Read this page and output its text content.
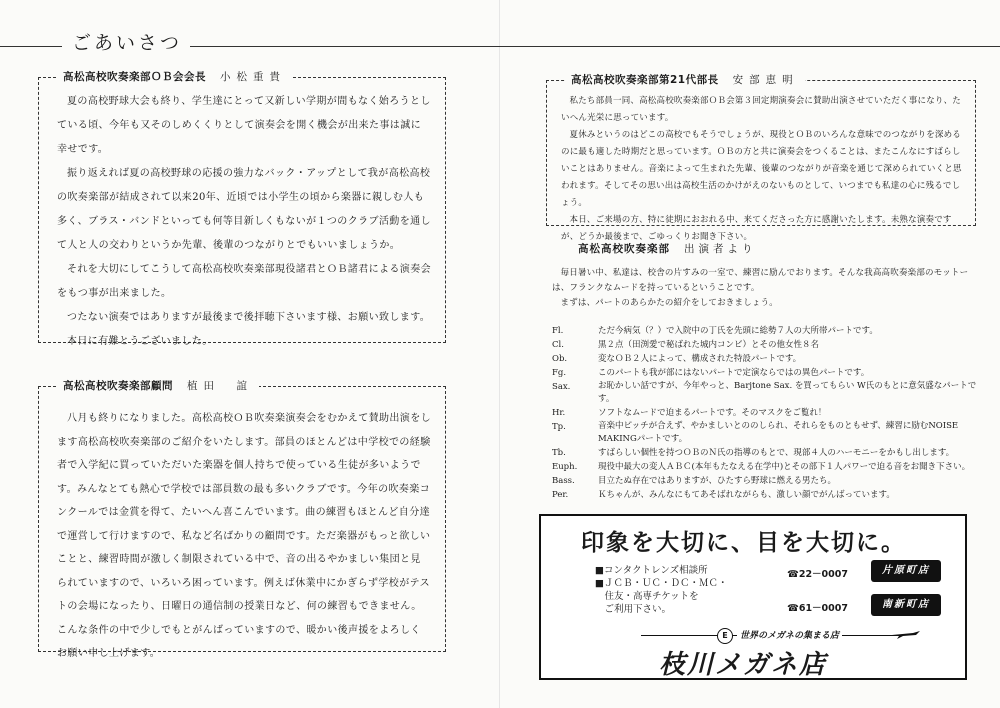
ごあいさつ
高松高校吹奏楽部ＯＢ会会長 小松重貴

夏の高校野球大会も終り、学生達にとって又新しい学期が間もなく始ろうとしている頃、今年も又そのしめくくりとして演奏会を開く機会が出来た事は誠に幸せです。

振り返えれば夏の高校野球の応援の強力なバック・アップとして我が高松高校の吹奏楽部が結成されて以来20年、近頃では小学生の頃から楽器に親しむ人も多く、ブラス・バンドといっても何等目新しくもないが１つのクラブ活動を通して人と人の交わりというか先輩、後輩のつながりとでもいいましょうか。

それを大切にしてこうして高松高校吹奏楽部現役諸君とＯＢ諸君による演奏会をもつ事が出来ました。

つたない演奏ではありますが最後まで後拝聴下さいます様、お願い致します。

本日に有難とうございました。

高松高校吹奏楽部顧問 植田　誼

八月も終りになりました。高松高校ＯＢ吹奏楽演奏会をむかえて賛助出演をします高松高校吹奏楽部のご紹介をいたします。部員のほとんどは中学校での経験者で入学紀に買っていただいた楽器を個人持ちで使っている生徒が多いようです。みんなとても熱心で学校では部員数の最も多いクラブです。今年の吹奏楽コンクールでは金賞を得て、たいへん喜こんでいます。曲の練習もほとんど自分達で運営して行けますので、私など名ばかりの顧問です。ただ楽器がもっと欲しいことと、練習時間が激しく制限されている中で、音の出るやかましい集団と見られていますので、いろいろ困っています。例えば休業中にかぎらず学校がテストの会場になったり、日曜日の通信制の授業日など、何の練習もできません。こんな条件の中で少しでもとがんばっていますので、暖かい後声援をよろしくお願い申し上げます。

高松高校吹奏楽部第21代部長 安部恵明

私たち部員一同、高松高校吹奏楽部ＯＢ会第３回定期演奏会に賛助出演させていただく事になり、たいへん光栄に思っています。

夏休みというのはどこの高校でもそうでしょうが、現役とＯＢのいろんな意味でのつながりを深めるのに最も適した時期だと思っています。ＯＢの方と共に演奏会をつくることは、またこんなにすばらしいことはありません。音楽によって生まれた先輩、後輩のつながりが音楽を通じて深められていくと思われます。そしてその思い出は高校生活のかけがえのないものとして、いつまでも私達の心に残るでしょう。

本日、ご来場の方、特に徒期におおれる中、来てくださった方に感謝いたします。未熟な演奏ですが、どうか最後まで、ごゆっくりお聞き下さい。

高松高校吹奏楽部 出演者より

毎日暑い中、私達は、校舎の片すみの一室で、練習に励んでおります。そんな我高高吹奏楽部のモットーは、フランクなムードを持っているということです。

まずは、パートのあらかたの紹介をしておきましょう。

Fl.	ただ今病気（？）で入院中の丁氏を先頭に総勢７人の大所帯パートです。
Cl.	黒２点（田渕愛で秘ばれた城内コンビ）とその他女性８名
Ob.	変なＯＢ２人によって、構成された特設パートです。
Fg.	このパートも我が部にはないパートで定演ならではの異色パートです。
Sax.	お恥かしい話ですが、今年やっと、Barjtone Sax. を買ってもらい W氏のもとに意気盛なパートです。
Hr.	ソフトなムードで迫まるパートです。そのマスクをご覧れ！
Tp.	音楽中ピッチが合えず、やかましいとののしられ、それらをものともせず、練習に励むNOISE MAKINGパートです。
Tb.	すばらしい個性を持つＯＢのＮ氏の指導のもとで、現部４人のハーモニーをかもし出します。
Euph.	現役中最大の変人ＡＢＣ(本年もたなえる在学中)とその部下１人パワーで迫る音をお聞き下さい。
Bass.	目立たぬ存在ではありますが、ひたすら野球に燃える男たち。
Per.	Ｋちゃんが、みんなにもてあそばれながらも、激しい顔でがんばっています。
印象を大切に、目を大切に。
■コンタクトレンズ相談所
■ＪＣＢ・ＵＣ・ＤＣ・ＭＣ・
　住友・高専チケットを
　ご利用下さい。
☎22－0007	片原町店
☎61－0007	南新町店
E	世界のメガネの集まる店
枝川メガネ店
